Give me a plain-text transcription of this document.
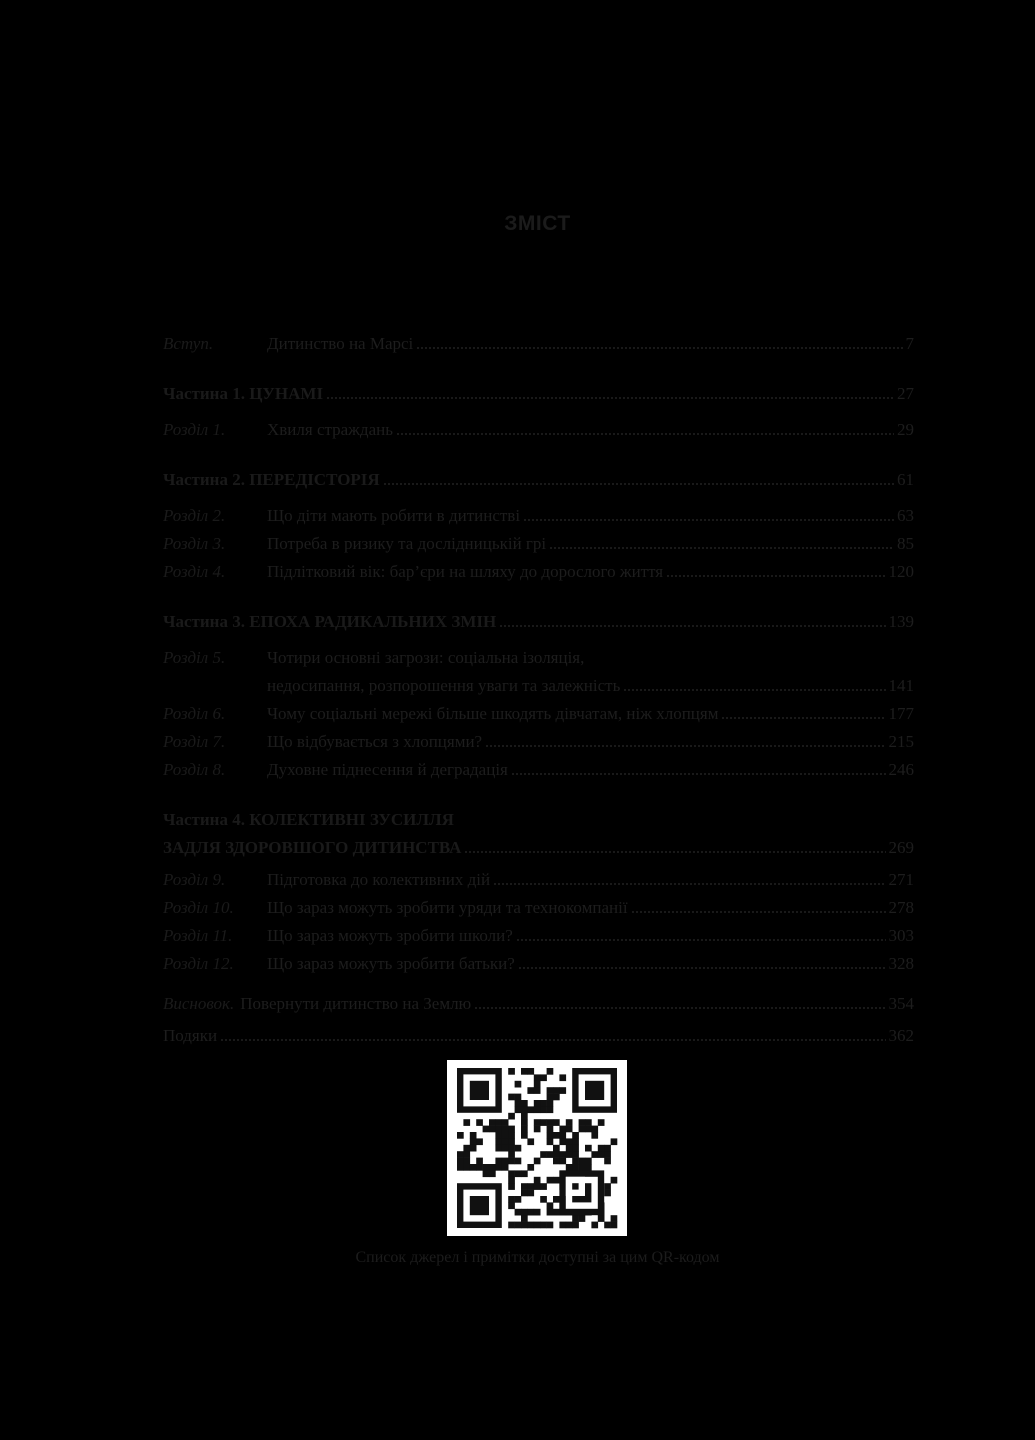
ЗМІСТ
Вступ.	Дитинство на Марсі	7
Частина 1. ЦУНАМІ	27
Розділ 1.	Хвиля страждань	29
Частина 2. ПЕРЕДІСТОРІЯ	61
Розділ 2.	Що діти мають робити в дитинстві	63
Розділ 3.	Потреба в ризику та дослідницькій грі	85
Розділ 4.	Підлітковий вік: бар’єри на шляху до дорослого життя	120
Частина 3. ЕПОХА РАДИКАЛЬНИХ ЗМІН	139
Розділ 5.	Чотири основні загрози: соціальна ізоляція,
недосипання, розпорошення уваги та залежність	141
Розділ 6.	Чому соціальні мережі більше шкодять дівчатам, ніж хлопцям	177
Розділ 7.	Що відбувається з хлопцями?	215
Розділ 8.	Духовне піднесення й деградація	246
Частина 4. КОЛЕКТИВНІ ЗУСИЛЛЯ
ЗАДЛЯ ЗДОРОВШОГО ДИТИНСТВА	269
Розділ 9.	Підготовка до колективних дій	271
Розділ 10.	Що зараз можуть зробити уряди та технокомпанії	278
Розділ 11.	Що зараз можуть зробити школи?	303
Розділ 12.	Що зараз можуть зробити батьки?	328
Висновок. Повернути дитинство на Землю	354
Подяки	362
Список джерел і примітки доступні за цим QR-кодом
